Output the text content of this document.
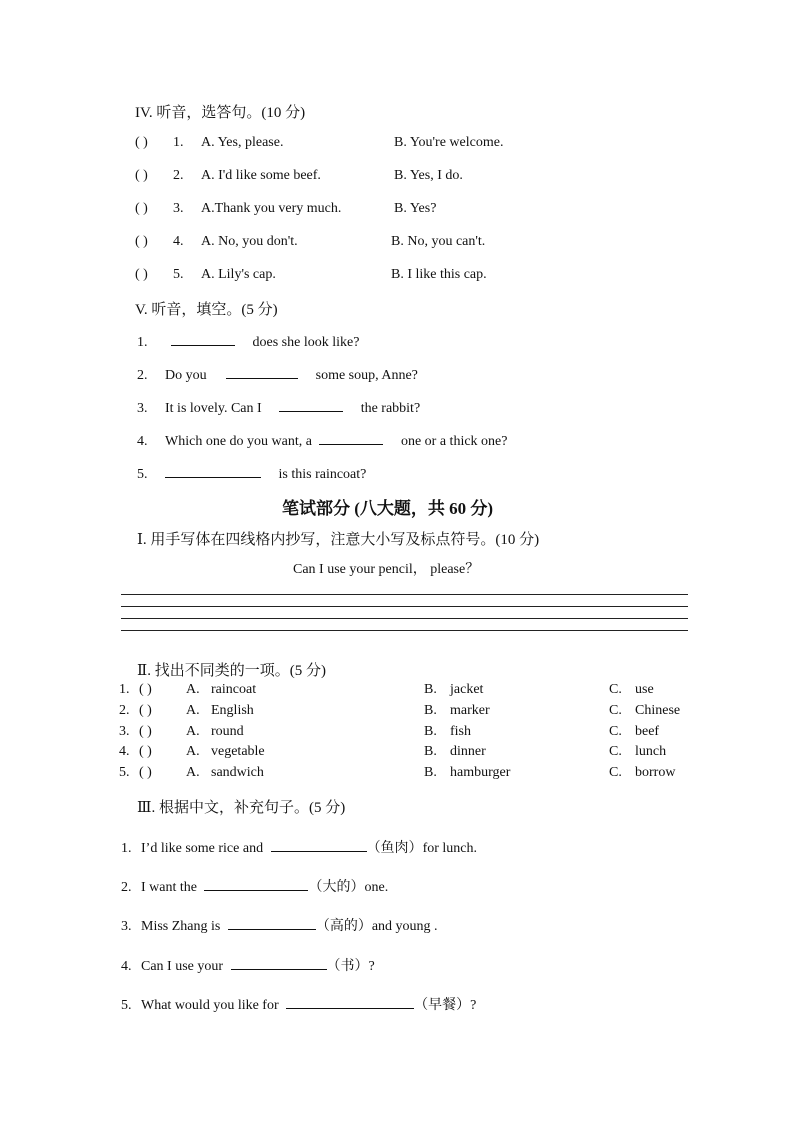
IV. 听音，选答句。(10 分)
( ) 1. A. Yes, please.	B. You're welcome.
( ) 2. A. I'd like some beef.	B. Yes, I do.
( ) 3. A.Thank you very much.	B. Yes?
( ) 4. A. No, you don't.	B. No, you can't.
( ) 5. A. Lily's cap.	B. I like this cap.
V. 听音，填空。(5 分)
1.	does she look like?
2. Do you	some soup, Anne?
3. It is lovely. Can I	the rabbit?
4. Which one do you want, a	one or a thick one?
5.	is this raincoat?
笔试部分 (八大题，共 60 分)
Ⅰ. 用手写体在四线格内抄写，注意大小写及标点符号。(10 分)
Can I use your pencil， please？
Ⅱ. 找出不同类的一项。(5 分)
1. ( ) A. raincoat	B. jacket	C. use
2. ( ) A. English	B. marker	C. Chinese
3. ( ) A. round	B. fish	C. beef
4. ( ) A. vegetable	B. dinner	C. lunch
5. ( ) A. sandwich	B. hamburger	C. borrow
Ⅲ. 根据中文，补充句子。(5 分)
1. I’d like some rice and	（鱼肉）for lunch.
2. I want the	（大的）one.
3. Miss Zhang is	（高的）and young .
4. Can I use your	（书）?
5. What would you like for	（早餐）?
